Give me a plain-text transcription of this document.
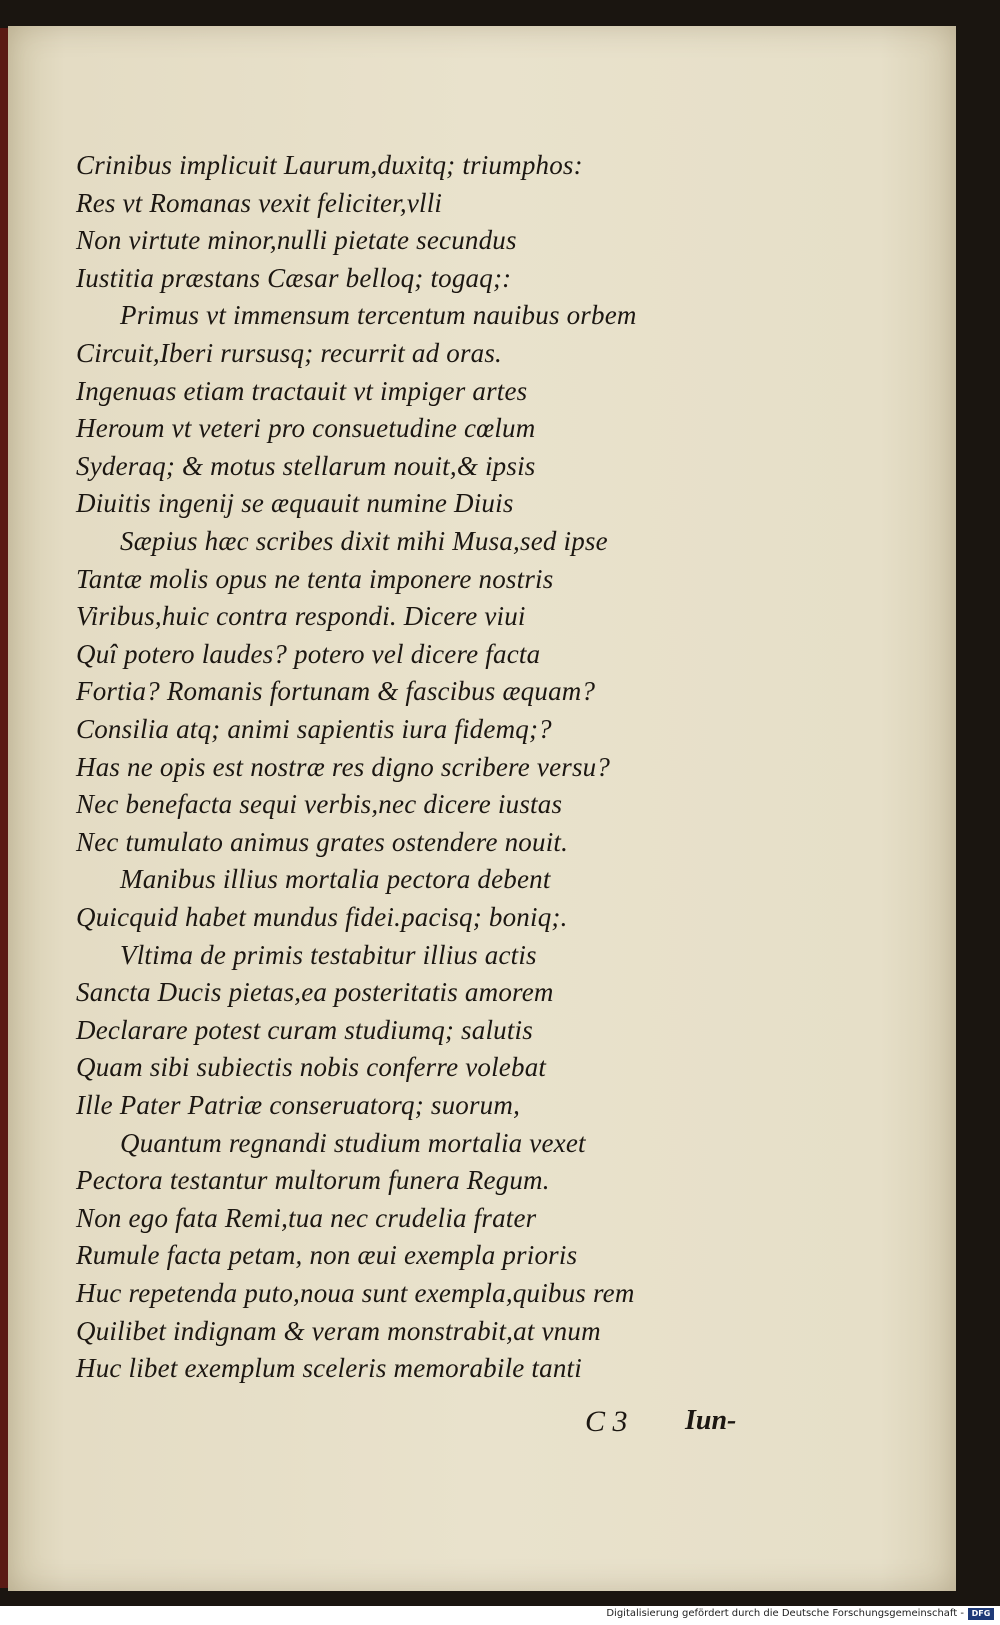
Crinibus implicuit Laurum,duxitq; triumphos:
Res vt Romanas vexit feliciter,vlli
Non virtute minor,nulli pietate secundus
Iustitia præstans Cæsar belloq; togaq;:
Primus vt immensum tercentum nauibus orbem
Circuit,Iberi rursusq; recurrit ad oras.
Ingenuas etiam tractauit vt impiger artes
Heroum vt veteri pro consuetudine cœlum
Syderaq; & motus stellarum nouit,& ipsis
Diuitis ingenij se æquauit numine Diuis
Sæpius hæc scribes dixit mihi Musa,sed ipse
Tantæ molis opus ne tenta imponere nostris
Viribus,huic contra respondi. Dicere viui
Quî potero laudes? potero vel dicere facta
Fortia? Romanis fortunam & fascibus æquam?
Consilia atq; animi sapientis iura fidemq;?
Has ne opis est nostræ res digno scribere versu?
Nec benefacta sequi verbis,nec dicere iustas
Nec tumulato animus grates ostendere nouit.
Manibus illius mortalia pectora debent
Quicquid habet mundus fidei.pacisq; boniq;.
Vltima de primis testabitur illius actis
Sancta Ducis pietas,ea posteritatis amorem
Declarare potest curam studiumq; salutis
Quam sibi subiectis nobis conferre volebat
Ille Pater Patriæ conseruatorq; suorum,
Quantum regnandi studium mortalia vexet
Pectora testantur multorum funera Regum.
Non ego fata Remi,tua nec crudelia frater
Rumule facta petam, non æui exempla prioris
Huc repetenda puto,noua sunt exempla,quibus rem
Quilibet indignam & veram monstrabit,at vnum
Huc libet exemplum sceleris memorabile tanti
C 3 Iun-
Digitalisierung gefördert durch die Deutsche Forschungsgemeinschaft - DFG
